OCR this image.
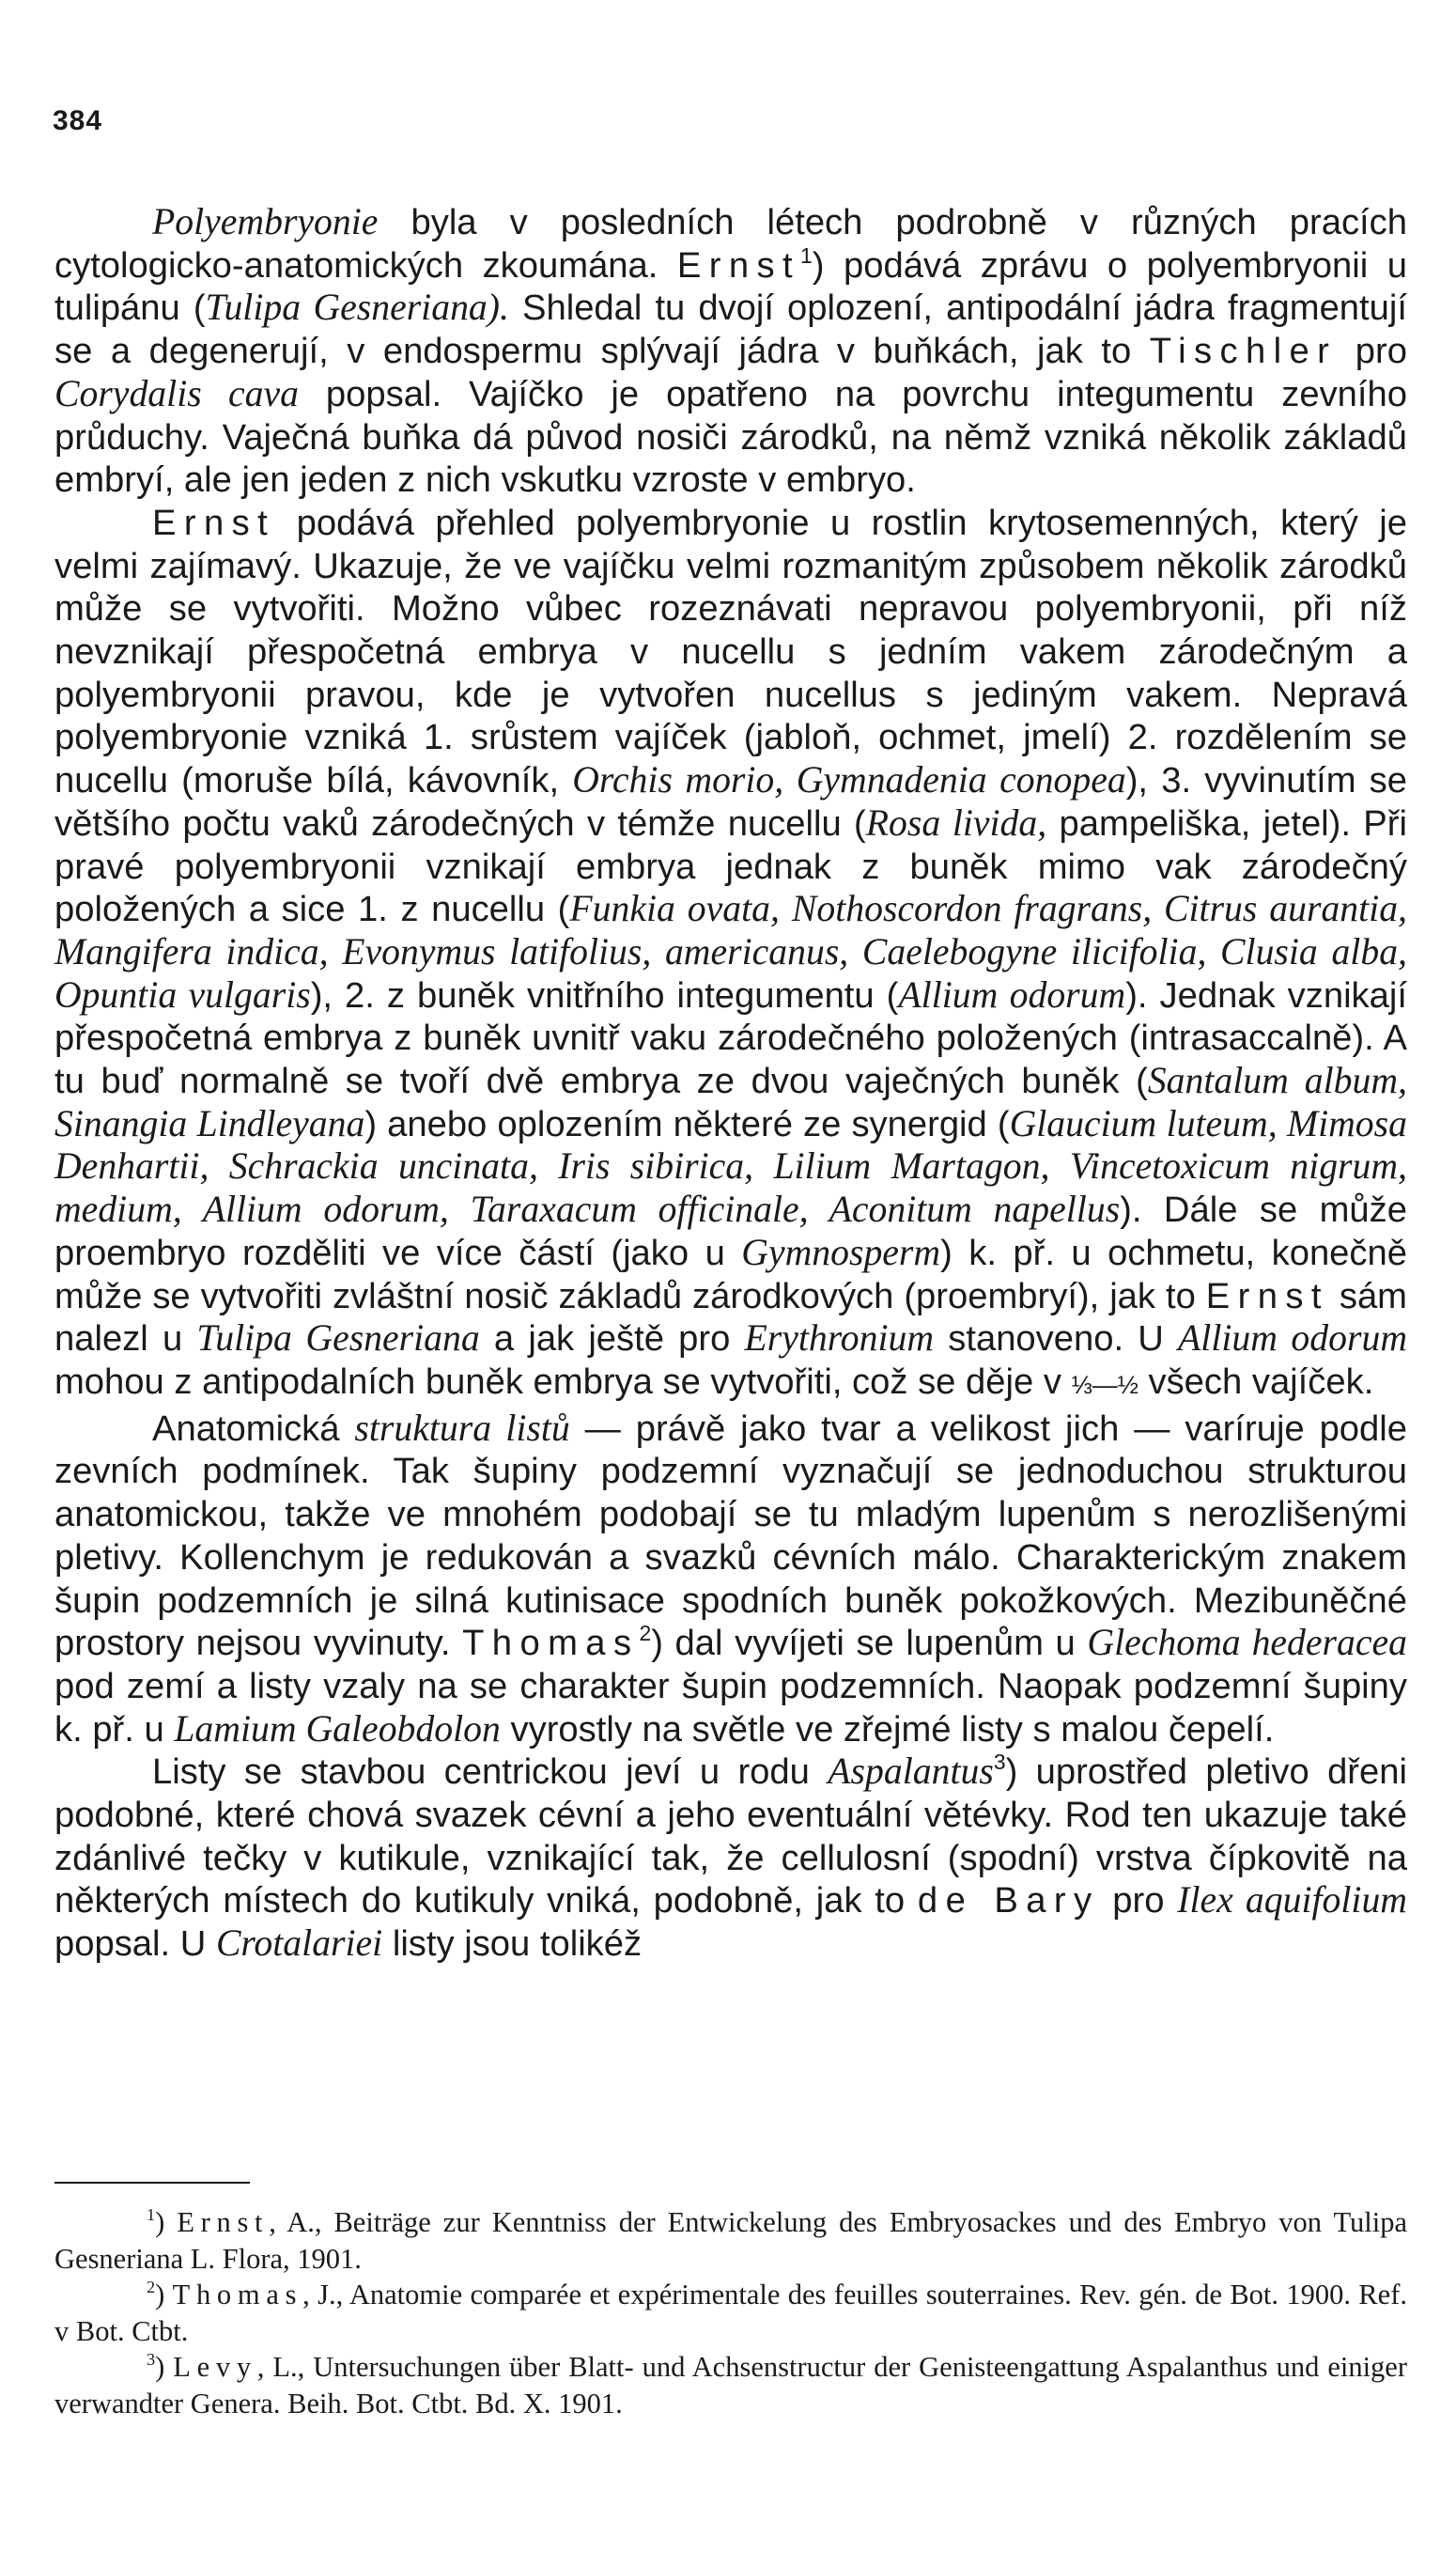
384

Polyembryonie byla v posledních létech podrobně v různých pracích cytologicko-anatomických zkoumána. Ernst$^1$) podává zprávu o polyembryonii u tulipánu (Tulipa Gesneriana). Shledal tu dvojí oplození, antipodální jádra fragmentují se a degenerují, v endospermu splývají jádra v buňkách, jak to Tischler pro Corydalis cava popsal. Vajíčko je opatřeno na povrchu integumentu zevního průduchy. Vaječná buňka dá původ nosiči zárodků, na němž vzniká několik základů embryí, ale jen jeden z nich vskutku vzroste v embryo.

Ernst podává přehled polyembryonie u rostlin krytosemenných, který je velmi zajímavý. Ukazuje, že ve vajíčku velmi rozmanitým způsobem několik zárodků může se vytvořiti. Možno vůbec rozeznávati nepravou polyembryonii, při níž nevznikají přespočetná embrya v nucellu s jedním vakem zárodečným a polyembryonii pravou, kde je vytvořen nucellus s jediným vakem. Nepravá polyembryonie vzniká 1. srůstem vajíček (jabloň, ochmet, jmelí) 2. rozdělením se nucellu (moruše bílá, kávovník, Orchis morio, Gymnadenia conopea), 3. vyvinutím se většího počtu vaků zárodečných v témže nucellu (Rosa livida, pampeliška, jetel). Při pravé polyembryonii vznikají embrya jednak z buněk mimo vak zárodečný položených a sice 1. z nucellu (Funkia ovata, Nothoscordon fragrans, Citrus aurantia, Mangifera indica, Evonymus latifolius, americanus, Caelebogyne ilicifolia, Clusia alba, Opuntia vulgaris), 2. z buněk vnitřního integumentu (Allium odorum). Jednak vznikají přespočetná embrya z buněk uvnitř vaku zárodečného položených (intrasaccalně). A tu buď normalně se tvoří dvě embrya ze dvou vaječných buněk (Santalum album, Sinangia Lindleyana) anebo oplozením některé ze synergid (Glaucium luteum, Mimosa Denhartii, Schrackia uncinata, Iris sibirica, Lilium Martagon, Vincetoxicum nigrum, medium, Allium odorum, Taraxacum officinale, Aconitum napellus). Dále se může proembryo rozděliti ve více částí (jako u Gymnosperm) k. př. u ochmetu, konečně může se vytvořiti zvláštní nosič základů zárodkových (proembryí), jak to Ernst sám nalezl u Tulipa Gesneriana a jak ještě pro Erythronium stanoveno. U Allium odorum mohou z antipodalních buněk embrya se vytvořiti, což se děje v ⅓—½ všech vajíček.

Anatomická struktura listů — právě jako tvar a velikost jich — varíruje podle zevních podmínek. Tak šupiny podzemní vyznačují se jednoduchou strukturou anatomickou, takže ve mnohém podobají se tu mladým lupenům s nerozlišenými pletivy. Kollenchym je redukován a svazků cévních málo. Charakterickým znakem šupin podzemních je silná kutinisace spodních buněk pokožkových. Mezibuněčné prostory nejsou vyvinuty. Thomas$^2$) dal vyvíjeti se lupenům u Glechoma hederacea pod zemí a listy vzaly na se charakter šupin podzemních. Naopak podzemní šupiny k. př. u Lamium Galeobdolon vyrostly na světle ve zřejmé listy s malou čepelí.

Listy se stavbou centrickou jeví u rodu Aspalantus$^3$) uprostřed pletivo dřeni podobné, které chová svazek cévní a jeho eventuální větévky. Rod ten ukazuje také zdánlivé tečky v kutikule, vznikající tak, že cellulosní (spodní) vrstva čípkovitě na některých místech do kutikuly vniká, podobně, jak to de Bary pro Ilex aquifolium popsal. U Crotalariei listy jsou tolikéž

$^1$) Ernst, A., Beiträge zur Kenntniss der Entwickelung des Embryosackes und des Embryo von Tulipa Gesneriana L. Flora, 1901.

$^2$) Thomas, J., Anatomie comparée et expérimentale des feuilles souterraines. Rev. gén. de Bot. 1900. Ref. v Bot. Ctbt.

$^3$) Levy, L., Untersuchungen über Blatt- und Achsenstructur der Genisteengattung Aspalanthus und einiger verwandter Genera. Beih. Bot. Ctbt. Bd. X. 1901.
